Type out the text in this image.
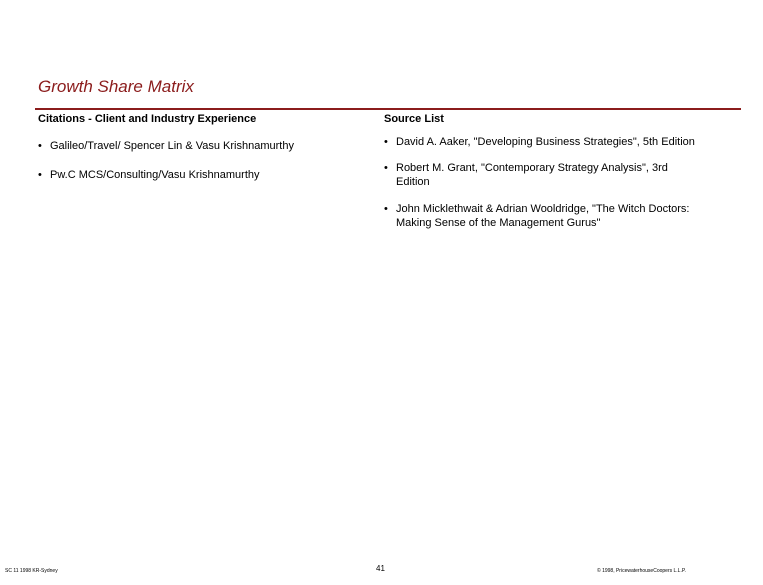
Growth Share Matrix
Citations - Client and Industry Experience	Source List
• Galileo/Travel/ Spencer Lin & Vasu Krishnamurthy
• Pw.C MCS/Consulting/Vasu Krishnamurthy
• David A. Aaker, "Developing Business Strategies", 5th Edition
• Robert M. Grant, "Contemporary Strategy Analysis", 3rd
Edition
• John Micklethwait & Adrian Wooldridge, "The Witch Doctors:
Making Sense of the Management Gurus"
SC 11 1998 KR-Sydney	41	© 1998, PricewaterhouseCoopers L.L.P.
